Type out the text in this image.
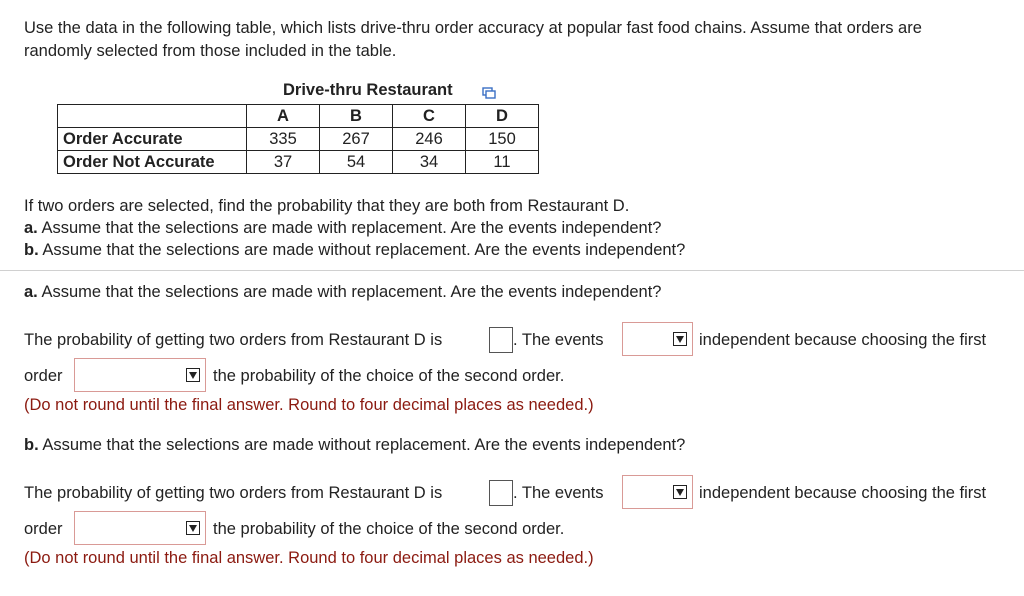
Use the data in the following table, which lists drive-thru order accuracy at popular fast food chains. Assume that orders are
randomly selected from those included in the table.
Drive-thru Restaurant
	A	B	C	D
Order Accurate	335	267	246	150
Order Not Accurate	37	54	34	11
If two orders are selected, find the probability that they are both from Restaurant D.
a. Assume that the selections are made with replacement. Are the events independent?
b. Assume that the selections are made without replacement. Are the events independent?
a. Assume that the selections are made with replacement. Are the events independent?
The probability of getting two orders from Restaurant D is	. The events	independent because choosing the first
order	the probability of the choice of the second order.
(Do not round until the final answer. Round to four decimal places as needed.)
b. Assume that the selections are made without replacement. Are the events independent?
The probability of getting two orders from Restaurant D is	. The events	independent because choosing the first
order	the probability of the choice of the second order.
(Do not round until the final answer. Round to four decimal places as needed.)
